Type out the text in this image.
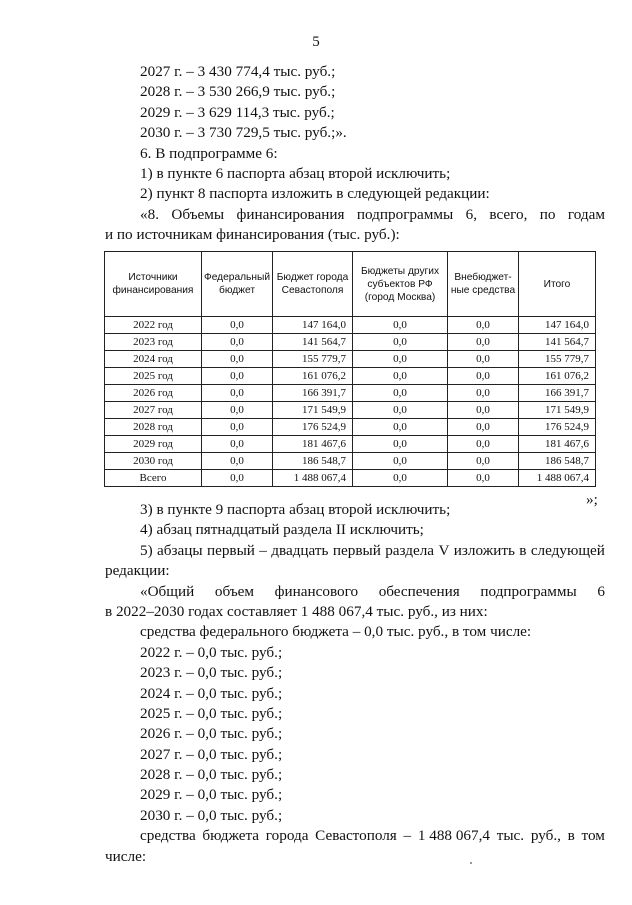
5
2027 г. – 3 430 774,4 тыс. руб.;
2028 г. – 3 530 266,9 тыс. руб.;
2029 г. – 3 629 114,3 тыс. руб.;
2030 г. – 3 730 729,5 тыс. руб.;».
6. В подпрограмме 6:
1) в пункте 6 паспорта абзац второй исключить;
2) пункт 8 паспорта изложить в следующей редакции:
«8. Объемы финансирования подпрограммы 6, всего, по годам
и по источникам финансирования (тыс. руб.):
Источники финансирования	Федеральный бюджет	Бюджет города Севастополя	Бюджеты других субъектов РФ (город Москва)	Внебюджет-ные средства	Итого
2022 год	0,0	147 164,0	0,0	0,0	147 164,0
2023 год	0,0	141 564,7	0,0	0,0	141 564,7
2024 год	0,0	155 779,7	0,0	0,0	155 779,7
2025 год	0,0	161 076,2	0,0	0,0	161 076,2
2026 год	0,0	166 391,7	0,0	0,0	166 391,7
2027 год	0,0	171 549,9	0,0	0,0	171 549,9
2028 год	0,0	176 524,9	0,0	0,0	176 524,9
2029 год	0,0	181 467,6	0,0	0,0	181 467,6
2030 год	0,0	186 548,7	0,0	0,0	186 548,7
Всего	0,0	1 488 067,4	0,0	0,0	1 488 067,4
»;
3) в пункте 9 паспорта абзац второй исключить;
4) абзац пятнадцатый раздела II исключить;
5) абзацы первый – двадцать первый раздела V изложить в следующей
редакции:
«Общий объем финансового обеспечения подпрограммы 6
в 2022–2030 годах составляет 1 488 067,4 тыс. руб., из них:
средства федерального бюджета – 0,0 тыс. руб., в том числе:
2022 г. – 0,0 тыс. руб.;
2023 г. – 0,0 тыс. руб.;
2024 г. – 0,0 тыс. руб.;
2025 г. – 0,0 тыс. руб.;
2026 г. – 0,0 тыс. руб.;
2027 г. – 0,0 тыс. руб.;
2028 г. – 0,0 тыс. руб.;
2029 г. – 0,0 тыс. руб.;
2030 г. – 0,0 тыс. руб.;
средства бюджета города Севастополя – 1 488 067,4 тыс. руб., в том
числе:
